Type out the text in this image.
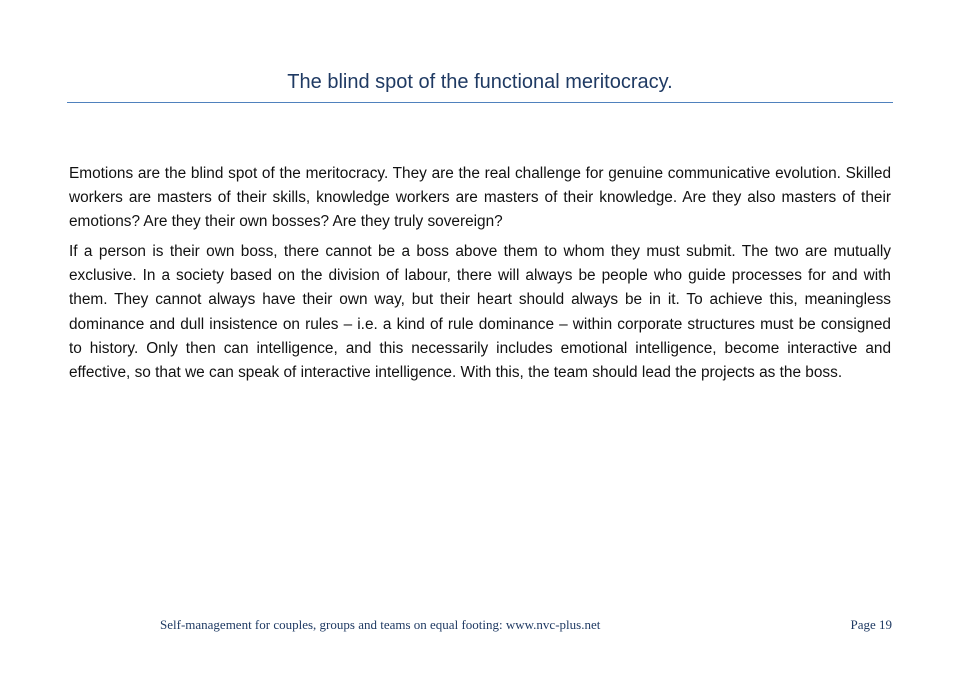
The blind spot of the functional meritocracy.

Emotions are the blind spot of the meritocracy. They are the real challenge for genuine communicative evolution. Skilled workers are masters of their skills, knowledge workers are masters of their knowledge. Are they also masters of their emotions? Are they their own bosses? Are they truly sovereign?

If a person is their own boss, there cannot be a boss above them to whom they must submit. The two are mutually exclusive. In a society based on the division of labour, there will always be people who guide processes for and with them. They cannot always have their own way, but their heart should always be in it. To achieve this, meaningless dominance and dull insistence on rules – i.e. a kind of rule dominance – within corporate structures must be consigned to history. Only then can intelligence, and this necessarily includes emotional intelligence, become interactive and effective, so that we can speak of interactive intelligence. With this, the team should lead the projects as the boss.

Self-management for couples, groups and teams on equal footing: www.nvc-plus.net	Page 19
